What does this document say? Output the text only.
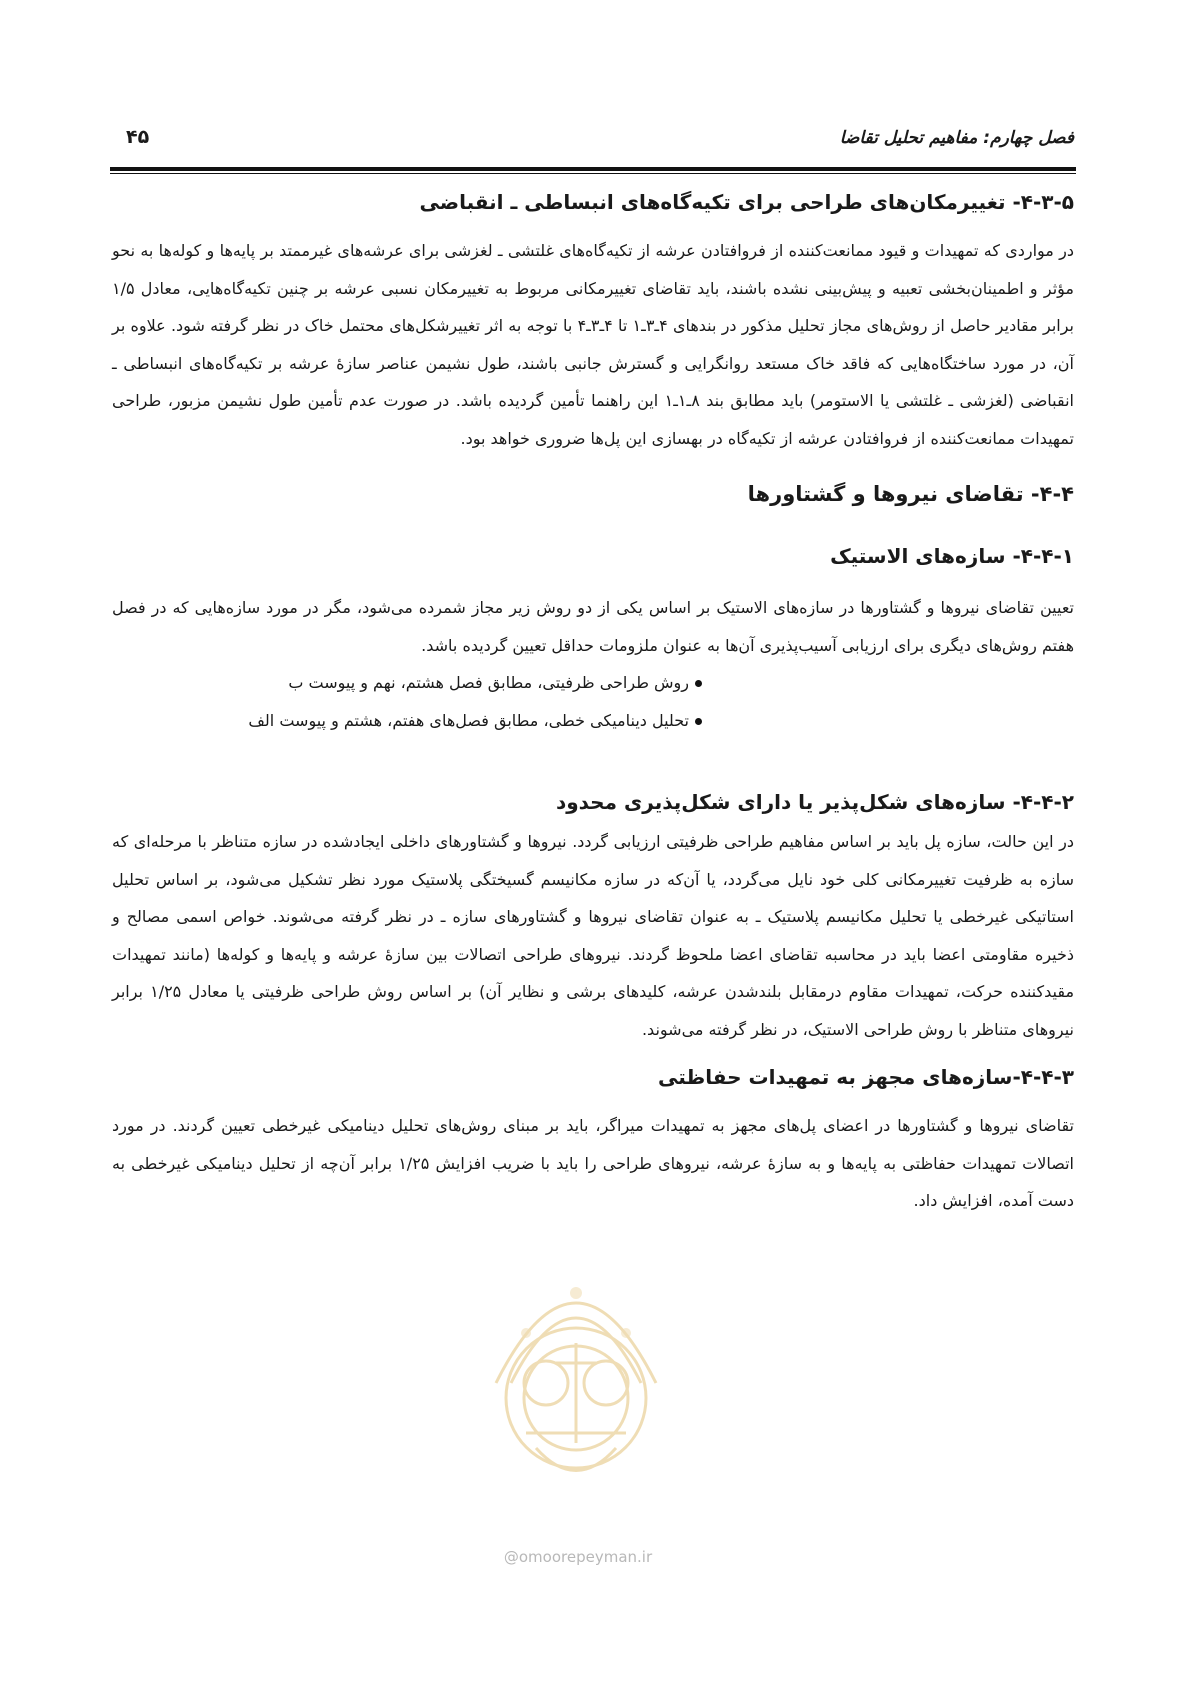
فصل چهارم: مفاهیم تحلیل تقاضا
۴۵
۴-۳-۵- تغییرمکان‌های طراحی برای تکیه‌گاه‌های انبساطی ـ انقباضی

در مواردی که تمهیدات و قیود ممانعت‌کننده از فروافتادن عرشه از تکیه‌گاه‌های غلتشی ـ لغزشی برای عرشه‌های غیرممتد بر پایه‌ها و کوله‌ها به نحو مؤثر و اطمینان‌بخشی تعبیه و پیش‌بینی نشده باشند، باید تقاضای تغییرمکانی مربوط به تغییرمکان نسبی عرشه بر چنین تکیه‌گاه‌هایی، معادل ۱/۵ برابر مقادیر حاصل از روش‌های مجاز تحلیل مذکور در بندهای ۴ـ۳ـ۱ تا ۴ـ۳ـ۴ با توجه به اثر تغییرشکل‌های محتمل خاک در نظر گرفته شود. علاوه بر آن، در مورد ساختگاه‌هایی که فاقد خاک مستعد روانگرایی و گسترش جانبی باشند، طول نشیمن عناصر سازهٔ عرشه بر تکیه‌گاه‌های انبساطی ـ انقباضی (لغزشی ـ غلتشی یا الاستومر) باید مطابق بند ۸ـ۱ـ۱ این راهنما تأمین گردیده باشد. در صورت عدم تأمین طول نشیمن مزبور، طراحی تمهیدات ممانعت‌کننده از فروافتادن عرشه از تکیه‌گاه در بهسازی این پل‌ها ضروری خواهد بود.

۴-۴- تقاضای نیروها و گشتاورها
۴-۴-۱- سازه‌های الاستیک

تعیین تقاضای نیروها و گشتاورها در سازه‌های الاستیک بر اساس یکی از دو روش زیر مجاز شمرده می‌شود، مگر در مورد سازه‌هایی که در فصل هفتم روش‌های دیگری برای ارزیابی آسیب‌پذیری آن‌ها به عنوان ملزومات حداقل تعیین گردیده باشد.

روش طراحی ظرفیتی، مطابق فصل هشتم، نهم و پیوست ب
تحلیل دینامیکی خطی، مطابق فصل‌های هفتم، هشتم و پیوست الف
۴-۴-۲- سازه‌های شکل‌پذیر یا دارای شکل‌پذیری محدود

در این حالت، سازه پل باید بر اساس مفاهیم طراحی ظرفیتی ارزیابی گردد. نیروها و گشتاورهای داخلی ایجادشده در سازه متناظر با مرحله‌ای که سازه به ظرفیت تغییرمکانی کلی خود نایل می‌گردد، یا آن‌که در سازه مکانیسم گسیختگی پلاستیک مورد نظر تشکیل می‌شود، بر اساس تحلیل استاتیکی غیرخطی یا تحلیل مکانیسم پلاستیک ـ به عنوان تقاضای نیروها و گشتاورهای سازه ـ در نظر گرفته می‌شوند. خواص اسمی مصالح و ذخیره مقاومتی اعضا باید در محاسبه تقاضای اعضا ملحوظ گردند. نیروهای طراحی اتصالات بین سازهٔ عرشه و پایه‌ها و کوله‌ها (مانند تمهیدات مقیدکننده حرکت، تمهیدات مقاوم درمقابل بلندشدن عرشه، کلیدهای برشی و نظایر آن) بر اساس روش طراحی ظرفیتی یا معادل ۱/۲۵ برابر نیروهای متناظر با روش طراحی الاستیک، در نظر گرفته می‌شوند.

۴-۴-۳-سازه‌های مجهز به تمهیدات حفاظتی

تقاضای نیروها و گشتاورها در اعضای پل‌های مجهز به تمهیدات میراگر، باید بر مبنای روش‌های تحلیل دینامیکی غیرخطی تعیین گردند. در مورد اتصالات تمهیدات حفاظتی به پایه‌ها و به سازهٔ عرشه، نیروهای طراحی را باید با ضریب افزایش ۱/۲۵ برابر آن‌چه از تحلیل دینامیکی غیرخطی به دست آمده، افزایش داد.

@omoorepeyman.ir
